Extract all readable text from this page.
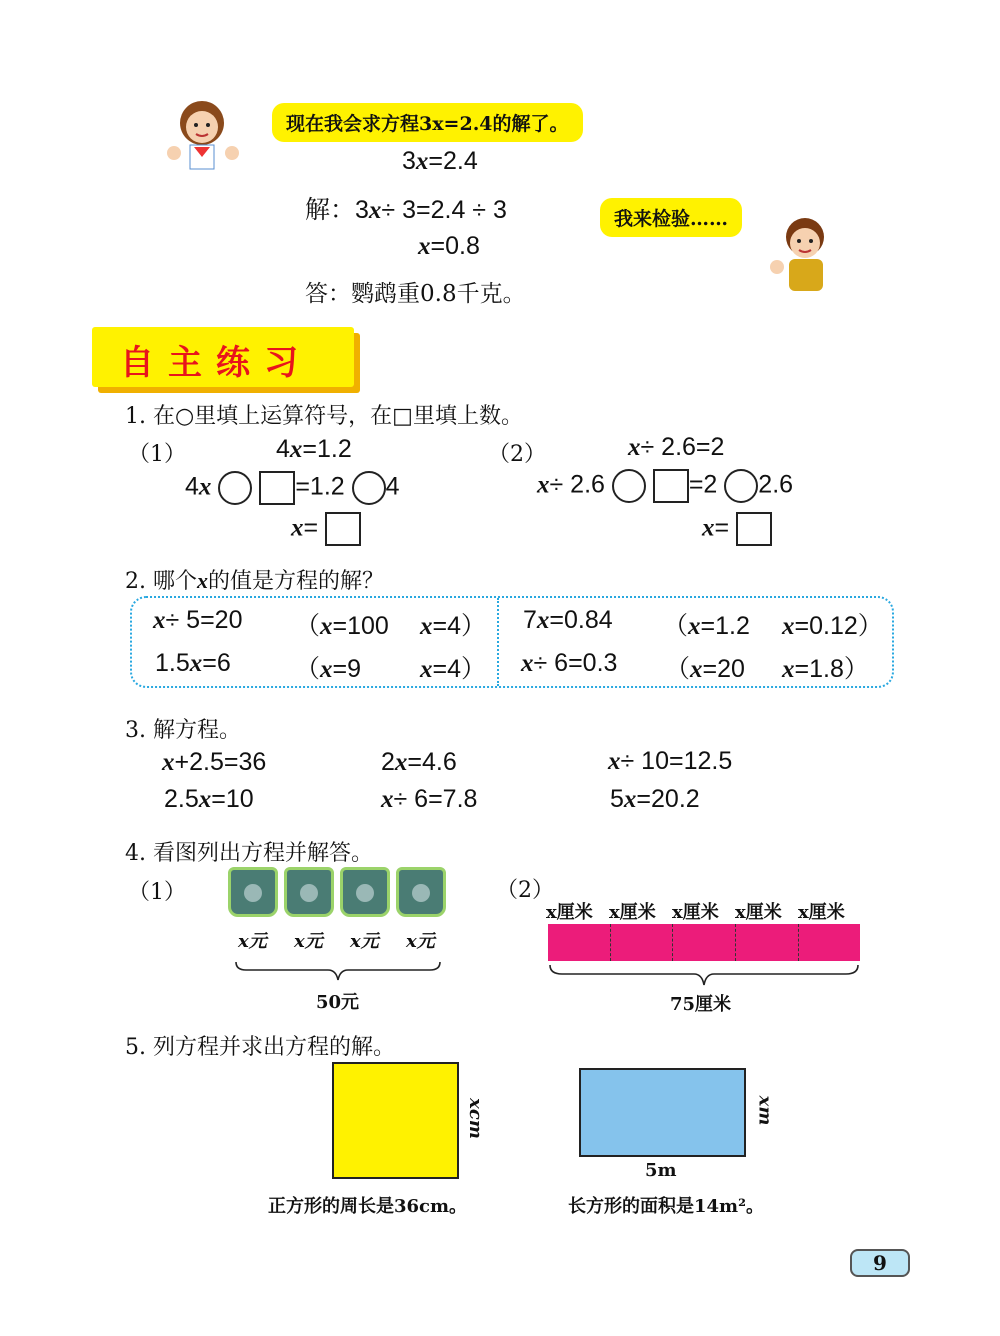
现在我会求方程3x=2.4的解了。
3x=2.4
解：3x÷ 3=2.4 ÷ 3
x=0.8
答：鹦鹉重0.8千克。
我来检验……
自主练习
1. 在○里填上运算符号，在□里填上数。
（1）	4x=1.2
4x	=1.2 4
x=
（2）	x÷ 2.6=2
x÷ 2.6	=2 2.6
x=
2. 哪个x的值是方程的解？
x÷ 5=20 （x=100 x=4） 7x=0.84 （x=1.2 x=0.12）
1.5x=6	（x=9 x=4） x÷ 6=0.3 （x=20 x=1.8）
3. 解方程。
x+2.5=36	2x=4.6	x÷ 10=12.5
2.5x=10	x÷ 6=7.8	5x=20.2
4. 看图列出方程并解答。
（1）
x元 x元 x元 x元
50元
（2）
x厘米 x厘米 x厘米 x厘米 x厘米
75厘米
5. 列方程并求出方程的解。
xcm
正方形的周长是36cm。
xm
5m
长方形的面积是14m²。
9
